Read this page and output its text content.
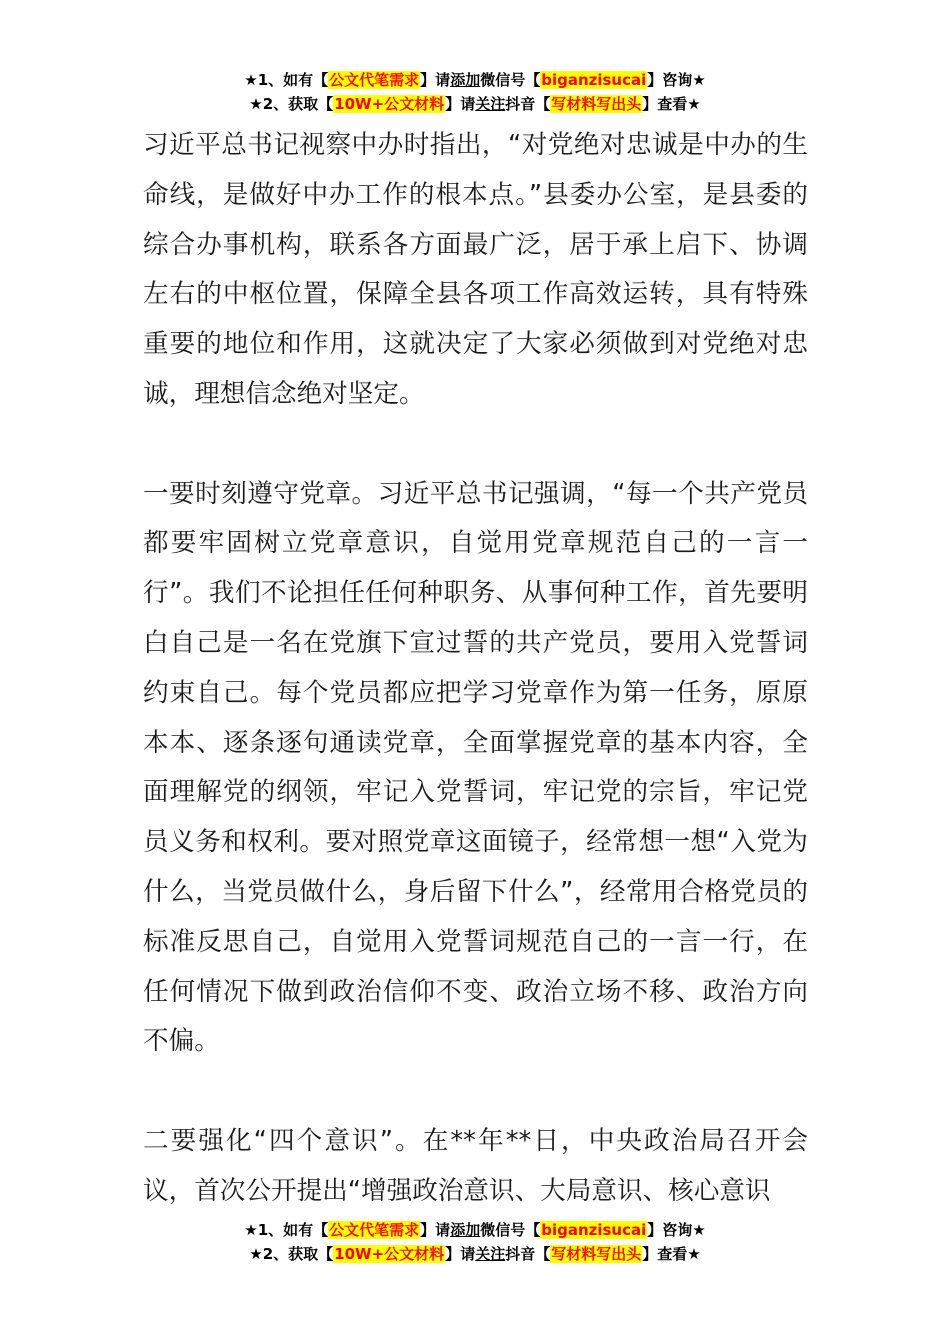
★1、如有【公文代笔需求】请添加微信号【biganzisucai】咨询★
★2、获取【10W+公文材料】请关注抖音【写材料写出头】查看★

习近平总书记视察中办时指出，“对党绝对忠诚是中办的生命线，是做好中办工作的根本点。”县委办公室，是县委的综合办事机构，联系各方面最广泛，居于承上启下、协调左右的中枢位置，保障全县各项工作高效运转，具有特殊重要的地位和作用，这就决定了大家必须做到对党绝对忠诚，理想信念绝对坚定。

一要时刻遵守党章。习近平总书记强调，“每一个共产党员都要牢固树立党章意识，自觉用党章规范自己的一言一行”。我们不论担任任何种职务、从事何种工作，首先要明白自己是一名在党旗下宣过誓的共产党员，要用入党誓词约束自己。每个党员都应把学习党章作为第一任务，原原本本、逐条逐句通读党章，全面掌握党章的基本内容，全面理解党的纲领，牢记入党誓词，牢记党的宗旨，牢记党员义务和权利。要对照党章这面镜子，经常想一想“入党为什么，当党员做什么，身后留下什么”，经常用合格党员的标准反思自己，自觉用入党誓词规范自己的一言一行，在任何情况下做到政治信仰不变、政治立场不移、政治方向不偏。

二要强化“四个意识”。在**年**日，中央政治局召开会议，首次公开提出“增强政治意识、大局意识、核心意识

★1、如有【公文代笔需求】请添加微信号【biganzisucai】咨询★
★2、获取【10W+公文材料】请关注抖音【写材料写出头】查看★
